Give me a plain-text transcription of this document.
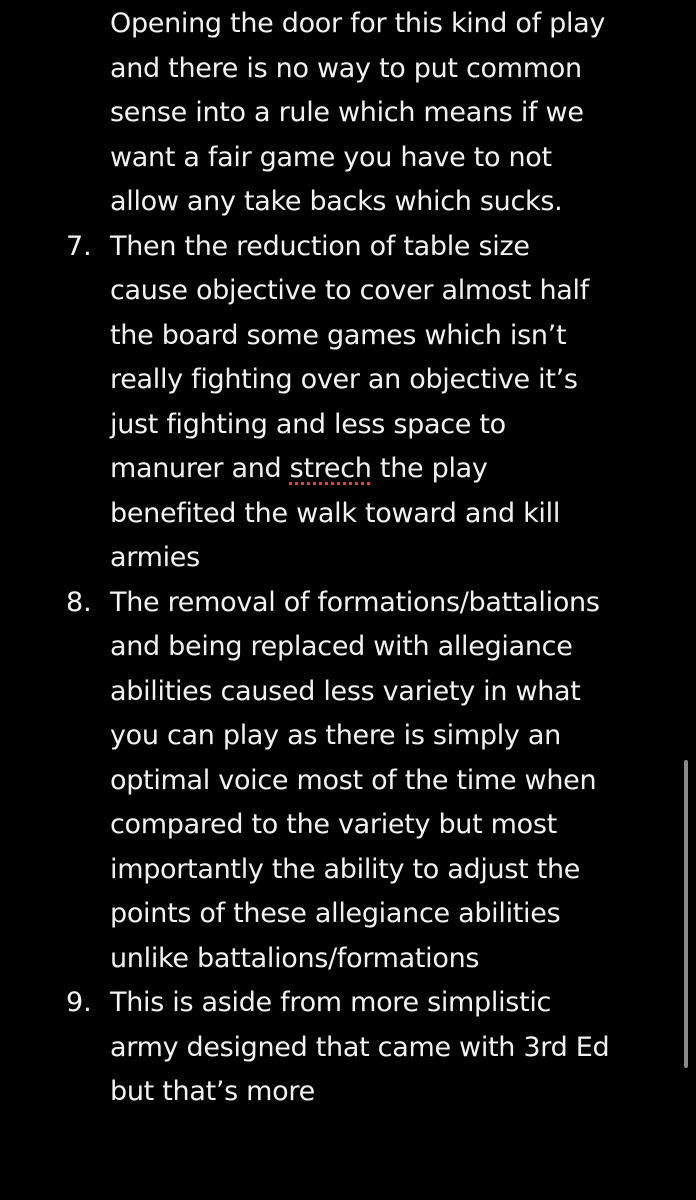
Opening the door for this kind of play
and there is no way to put common
sense into a rule which means if we
want a fair game you have to not
allow any take backs which sucks.
7. Then the reduction of table size
cause objective to cover almost half
the board some games which isn’t
really fighting over an objective it’s
just fighting and less space to
manurer and strech the play
benefited the walk toward and kill
armies
8. The removal of formations/battalions
and being replaced with allegiance
abilities caused less variety in what
you can play as there is simply an
optimal voice most of the time when
compared to the variety but most
importantly the ability to adjust the
points of these allegiance abilities
unlike battalions/formations
9. This is aside from more simplistic
army designed that came with 3rd Ed
but that’s more
